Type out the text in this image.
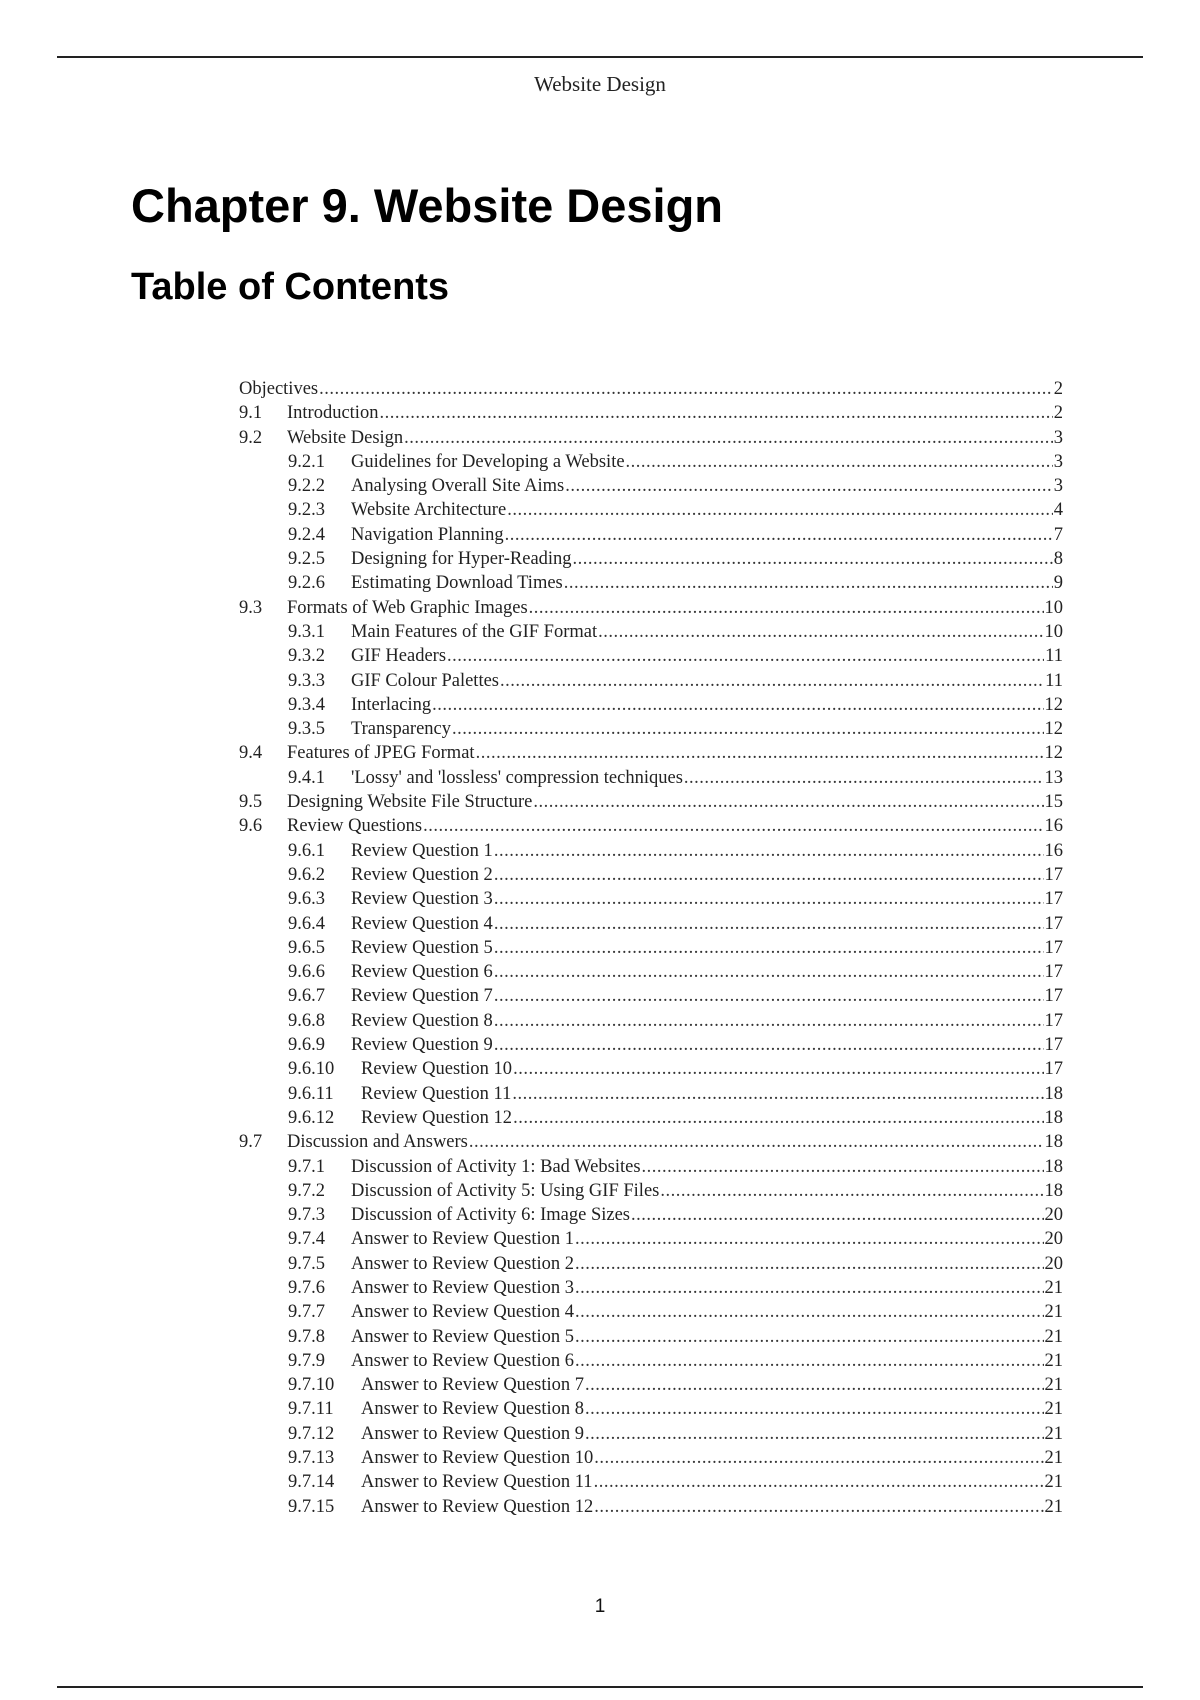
Website Design
Chapter 9. Website Design
Table of Contents
Objectives .....	2
9.1	Introduction .....	2
9.2	Website Design .....	3
9.2.1	Guidelines for Developing a Website .....	3
9.2.2	Analysing Overall Site Aims .....	3
9.2.3	Website Architecture .....	4
9.2.4	Navigation Planning .....	7
9.2.5	Designing for Hyper-Reading .....	8
9.2.6	Estimating Download Times .....	9
9.3	Formats of Web Graphic Images .....	10
9.3.1	Main Features of the GIF Format .....	10
9.3.2	GIF Headers .....	11
9.3.3	GIF Colour Palettes .....	11
9.3.4	Interlacing .....	12
9.3.5	Transparency .....	12
9.4	Features of JPEG Format .....	12
9.4.1	'Lossy' and 'lossless' compression techniques .....	13
9.5	Designing Website File Structure .....	15
9.6	Review Questions .....	16
9.6.1	Review Question 1 .....	16
9.6.2	Review Question 2 .....	17
9.6.3	Review Question 3 .....	17
9.6.4	Review Question 4 .....	17
9.6.5	Review Question 5 .....	17
9.6.6	Review Question 6 .....	17
9.6.7	Review Question 7 .....	17
9.6.8	Review Question 8 .....	17
9.6.9	Review Question 9 .....	17
9.6.10	Review Question 10 .....	17
9.6.11	Review Question 11 .....	18
9.6.12	Review Question 12 .....	18
9.7	Discussion and Answers .....	18
9.7.1	Discussion of Activity 1: Bad Websites .....	18
9.7.2	Discussion of Activity 5: Using GIF Files .....	18
9.7.3	Discussion of Activity 6: Image Sizes .....	20
9.7.4	Answer to Review Question 1 .....	20
9.7.5	Answer to Review Question 2 .....	20
9.7.6	Answer to Review Question 3 .....	21
9.7.7	Answer to Review Question 4 .....	21
9.7.8	Answer to Review Question 5 .....	21
9.7.9	Answer to Review Question 6 .....	21
9.7.10	Answer to Review Question 7 .....	21
9.7.11	Answer to Review Question 8 .....	21
9.7.12	Answer to Review Question 9 .....	21
9.7.13	Answer to Review Question 10 .....	21
9.7.14	Answer to Review Question 11 .....	21
9.7.15	Answer to Review Question 12 .....	21
1
